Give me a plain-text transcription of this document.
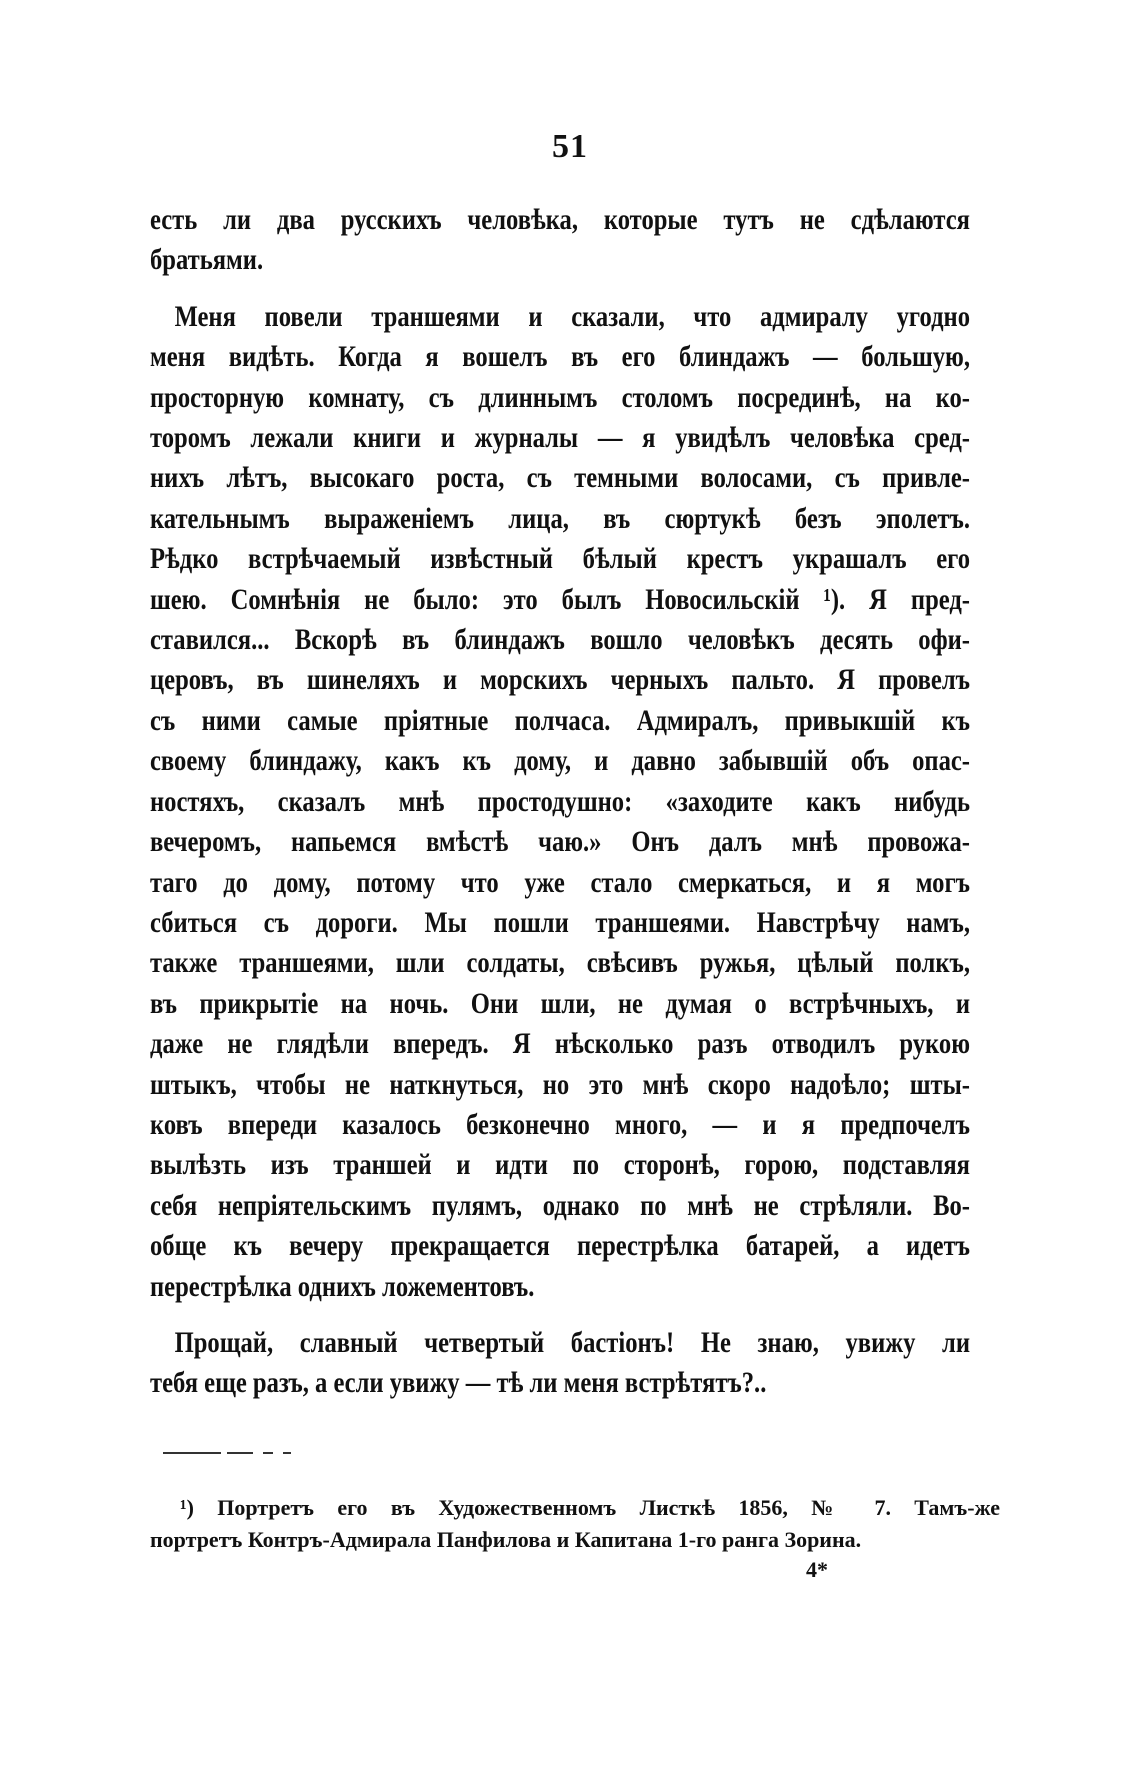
51
есть ли два русскихъ человѣка, которые тутъ не сдѣлаются
братьями.
Меня повели траншеями и сказали, что адмиралу угодно
меня видѣть. Когда я вошелъ въ его блиндажъ — большую,
просторную комнату, съ длиннымъ столомъ посрединѣ, на ко-
торомъ лежали книги и журналы — я увидѣлъ человѣка сред-
нихъ лѣтъ, высокаго роста, съ темными волосами, съ привле-
кательнымъ выраженіемъ лица, въ сюртукѣ безъ эполетъ.
Рѣдко встрѣчаемый извѣстный бѣлый крестъ украшалъ его
шею. Сомнѣнія не было: это былъ Новосильскій ¹). Я пред-
ставился... Вскорѣ въ блиндажъ вошло человѣкъ десять офи-
церовъ, въ шинеляхъ и морскихъ черныхъ пальто. Я провелъ
съ ними самые пріятные полчаса. Адмиралъ, привыкшій къ
своему блиндажу, какъ къ дому, и давно забывшій объ опас-
ностяхъ, сказалъ мнѣ простодушно: «заходите какъ нибудь
вечеромъ, напьемся вмѣстѣ чаю.» Онъ далъ мнѣ провожа-
таго до дому, потому что уже стало смеркаться, и я могъ
сбиться съ дороги. Мы пошли траншеями. Навстрѣчу намъ,
также траншеями, шли солдаты, свѣсивъ ружья, цѣлый полкъ,
въ прикрытіе на ночь. Они шли, не думая о встрѣчныхъ, и
даже не глядѣли впередъ. Я нѣсколько разъ отводилъ рукою
штыкъ, чтобы не наткнуться, но это мнѣ скоро надоѣло; шты-
ковъ впереди казалось безконечно много, — и я предпочелъ
вылѣзть изъ траншей и идти по сторонѣ, горою, подставляя
себя непріятельскимъ пулямъ, однако по мнѣ не стрѣляли. Во-
обще къ вечеру прекращается перестрѣлка батарей, а идетъ
перестрѣлка однихъ ложементовъ.
Прощай, славный четвертый бастіонъ! Не знаю, увижу ли
тебя еще разъ, а если увижу — тѣ ли меня встрѣтятъ?..
¹) Портретъ его въ Художественномъ Листкѣ 1856, № 7. Тамъ-же
портретъ Контръ-Адмирала Панфилова и Капитана 1-го ранга Зорина.
4*
